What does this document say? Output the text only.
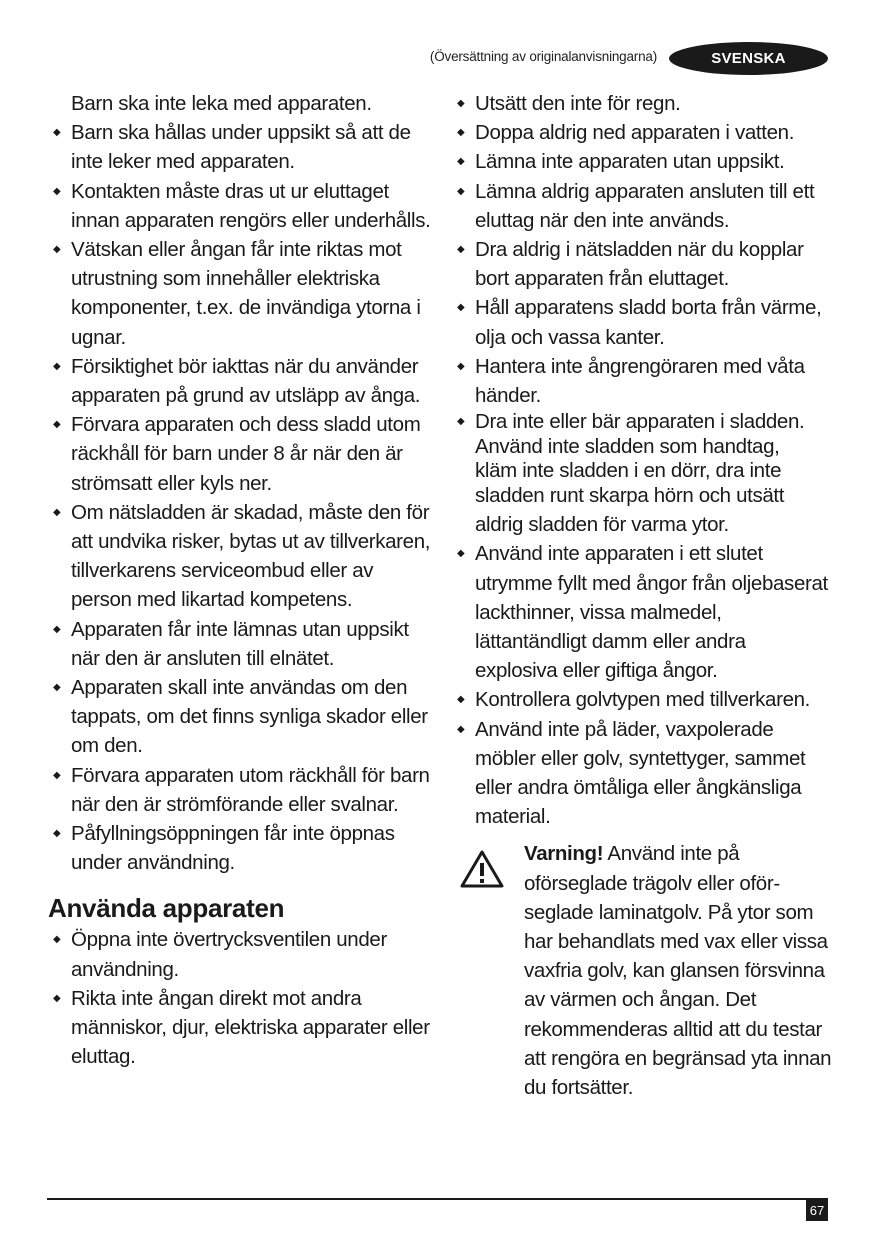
(Översättning av originalanvisningarna)	SVENSKA

Barn ska inte leka med apparaten.

◆ Barn ska hållas under uppsikt så att de inte leker med apparaten.
◆ Kontakten måste dras ut ur eluttaget innan apparaten rengörs eller underhålls.
◆ Vätskan eller ångan får inte riktas mot utrustning som innehåller elektriska komponenter, t.ex. de invändiga ytorna i ugnar.
◆ Försiktighet bör iakttas när du använder apparaten på grund av utsläpp av ånga.
◆ Förvara apparaten och dess sladd utom räckhåll för barn under 8 år när den är strömsatt eller kyls ner.
◆ Om nätsladden är skadad, måste den för att undvika risker, bytas ut av tillverkaren, tillverkarens serviceombud eller av person med likartad kompetens.
◆ Apparaten får inte lämnas utan uppsikt när den är ansluten till elnätet.
◆ Apparaten skall inte användas om den tappats, om det finns synliga skador eller om den.
◆ Förvara apparaten utom räckhåll för barn när den är strömförande eller svalnar.
◆ Påfyllningsöppningen får inte öppnas under användning.
Använda apparaten
◆ Öppna inte övertrycksventilen under användning.
◆ Rikta inte ångan direkt mot andra människor, djur, elektriska apparater eller eluttag.
◆ Utsätt den inte för regn.
◆ Doppa aldrig ned apparaten i vatten.
◆ Lämna inte apparaten utan uppsikt.
◆ Lämna aldrig apparaten ansluten till ett eluttag när den inte används.
◆ Dra aldrig i nätsladden när du kopplar bort apparaten från eluttaget.
◆ Håll apparatens sladd borta från värme, olja och vassa kanter.
◆ Hantera inte ångrengöraren med våta händer.
◆ Dra inte eller bär apparaten i sladden.
Använd inte sladden som handtag,
kläm inte sladden i en dörr, dra inte
sladden runt skarpa hörn och utsätt
aldrig sladden för varma ytor.
◆ Använd inte apparaten i ett slutet utrymme fyllt med ångor från oljebaserat lackthinner, vissa malmedel, lättantändligt damm eller andra explosiva eller giftiga ångor.
◆ Kontrollera golvtypen med tillverkaren.
◆ Använd inte på läder, vaxpolerade möbler eller golv, syntettyger, sammet eller andra ömtåliga eller ångkänsliga material.
Varning! Använd inte på oförseglade trägolv eller oför-seglade laminatgolv. På ytor som har behandlats med vax eller vissa vaxfria golv, kan glansen försvinna av värmen och ångan. Det rekommenderas alltid att du testar att rengöra en begränsad yta innan du fortsätter.
67
